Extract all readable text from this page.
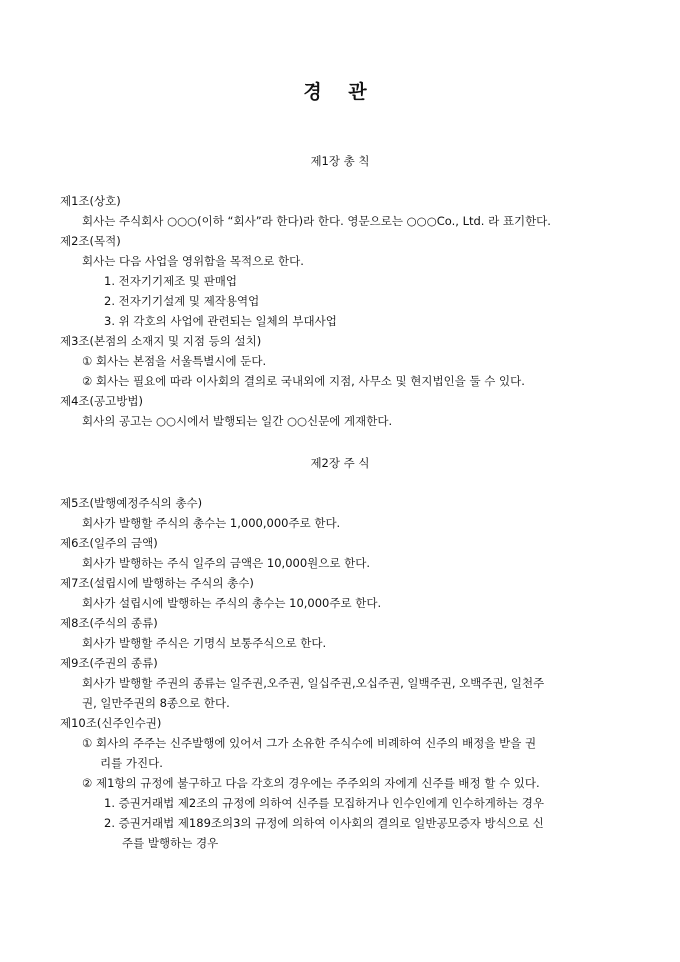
경 관
제1장 총 칙
제1조(상호)
회사는 주식회사 ○○○(이하 “회사”라 한다)라 한다. 영문으로는 ○○○Co., Ltd. 라 표기한다.
제2조(목적)
회사는 다음 사업을 영위함을 목적으로 한다.
1. 전자기기제조 및 판매업
2. 전자기기설계 및 제작용역업
3. 위 각호의 사업에 관련되는 일체의 부대사업
제3조(본점의 소재지 및 지점 등의 설치)
① 회사는 본점을 서울특별시에 둔다.
② 회사는 필요에 따라 이사회의 결의로 국내외에 지점, 사무소 및 현지법인을 둘 수 있다.
제4조(공고방법)
회사의 공고는 ○○시에서 발행되는 일간 ○○신문에 게재한다.
제2장 주 식
제5조(발행예정주식의 총수)
회사가 발행할 주식의 총수는 1,000,000주로 한다.
제6조(일주의 금액)
회사가 발행하는 주식 일주의 금액은 10,000원으로 한다.
제7조(설립시에 발행하는 주식의 총수)
회사가 설립시에 발행하는 주식의 총수는 10,000주로 한다.
제8조(주식의 종류)
회사가 발행할 주식은 기명식 보통주식으로 한다.
제9조(주권의 종류)
회사가 발행할 주권의 종류는 일주권,오주권, 일십주권,오십주권, 일백주권, 오백주권, 일천주
권, 일만주권의 8종으로 한다.
제10조(신주인수권)
① 회사의 주주는 신주발행에 있어서 그가 소유한 주식수에 비례하여 신주의 배정을 받을 권
리를 가진다.
② 제1항의 규정에 불구하고 다음 각호의 경우에는 주주외의 자에게 신주를 배정 할 수 있다.
1. 증권거래법 제2조의 규정에 의하여 신주를 모집하거나 인수인에게 인수하게하는 경우
2. 증권거래법 제189조의3의 규정에 의하여 이사회의 결의로 일반공모증자 방식으로 신
주를 발행하는 경우
